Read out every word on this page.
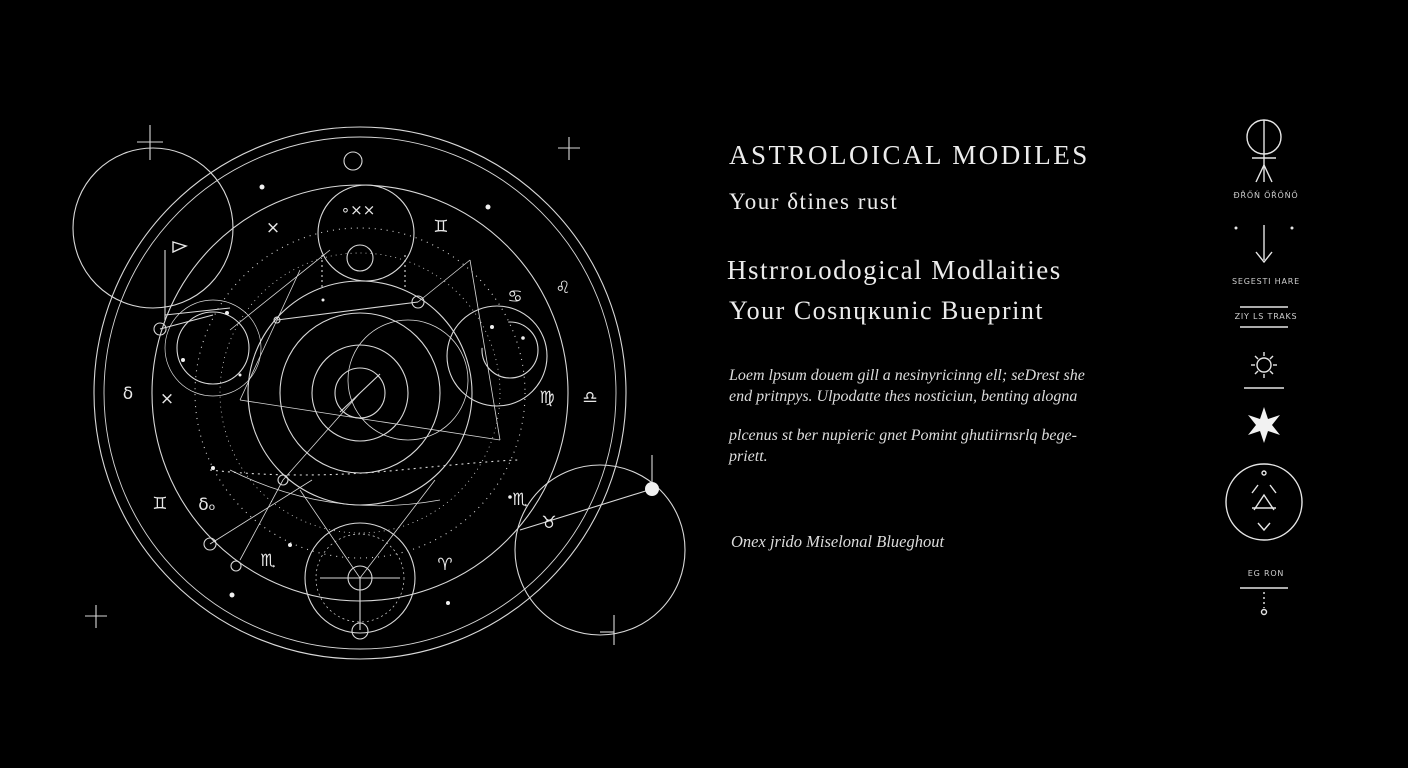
×	♊
♌
♋
♎
♍
♏
♉
♈
×
δ
♊ δₒ
♏
∘××
ASTROLOICAL MODILES
Your δtines rust
Hstrroʟodogical Modlaities
Your Cosnɥĸunic Bueprint
Loem lpsum douem gill a nesinyricinng ell; seDrest she
end pritnpys. Ulpodatte thes nosticiun, benting alogna
plcenus st ber nupieric gnet Pomint ghutiirnsrlq bege-
priett.
Onex jrido Miselonal Blueghout
ĐŘŐŃ ŐŘŐŃŐ
SEGESTI HARE
ZIY LS TRAKS
EG RON
